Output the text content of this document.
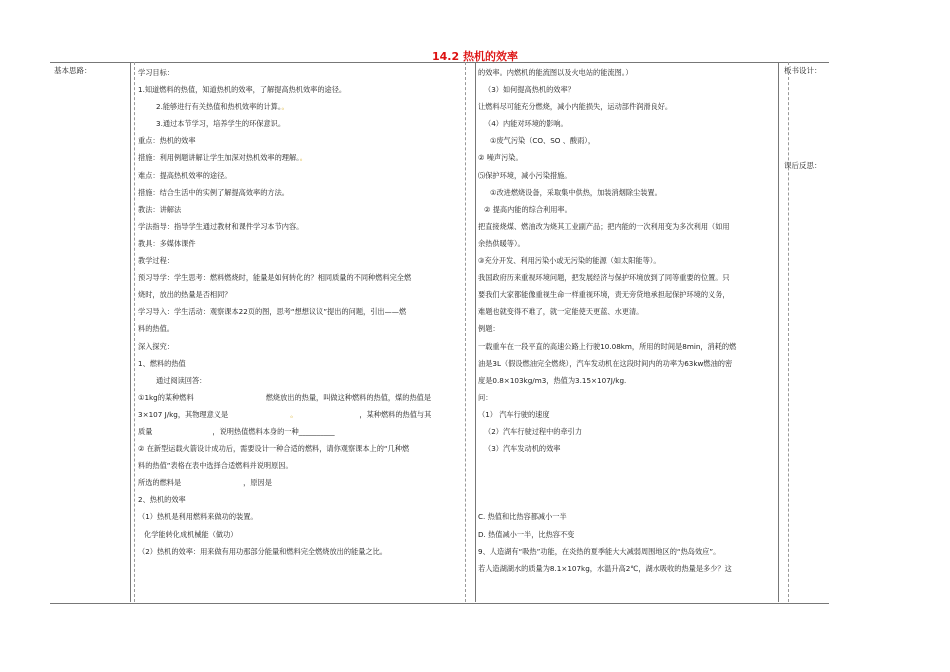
14.2 热机的效率
基本思路：	板书设计：
课后反思：
学习目标：
1.知道燃料的热值，知道热机的效率，了解提高热机效率的途径。
2.能够进行有关热值和热机效率的计算。。
3.通过本节学习，培养学生的环保意识。
重点：热机的效率
措施：利用例题讲解让学生加深对热机效率的理解。。
难点：提高热机效率的途径。
措施：结合生活中的实例了解提高效率的方法。
教法：讲解法
学法指导：指导学生通过教材和课件学习本节内容。
教具：多媒体课件
教学过程：
预习导学：学生思考：燃料燃烧时，能量是如何转化的？相同质量的不同种燃料完全燃
烧时，放出的热量是否相同？
学习导入：学生活动：观察课本22页的图，思考“想想议议”提出的问题，引出——燃
料的热值。
深入探究：
1、燃料的热值
通过阅读回答：
①1kg的某种燃料	燃烧放出的热量，叫做这种燃料的热值，煤的热值是
3×107 J/kg，其物理意义是	。	，某种燃料的热值与其
质量	，说明热值燃料本身的一种__________
② 在新型运载火箭设计成功后，需要设计一种合适的燃料，请你观察课本上的“几种燃
料的热值”表格在表中选择合适燃料并说明原因。
所选的燃料是	，原因是
2、热机的效率
（1）热机是利用燃料来做功的装置。
化学能转化成机械能（做功）
（2）热机的效率：用来做有用功那部分能量和燃料完全燃烧放出的能量之比。
的效率。内燃机的能流图以及火电站的能流图。）
（3）如何提高热机的效率？
让燃料尽可能充分燃烧，减小内能损失，运动部件润滑良好。
（4）内能对环境的影响。
①废气污染（CO、SO 、酸雨），
② 噪声污染。
⑸保护环境，减小污染措施。
①改进燃烧设备，采取集中供热，加装消烟除尘装置。
② 提高内能的综合利用率。
把直接烧煤、燃油改为烧其工业副产品；把内能的一次利用变为多次利用（如用
余热供暖等）。
③充分开发、利用污染小或无污染的能源（如太阳能等）。
我国政府历来重视环境问题，把发展经济与保护环境放到了同等重要的位置。只
要我们大家都能像重视生命一样重视环境，责无旁贷地承担起保护环境的义务，
难题也就变得不难了，就一定能使天更蓝、水更清。
例题：
一载重车在一段平直的高速公路上行驶10.08km，所用的时间是8min，消耗的燃
油是3L（假设燃油完全燃烧），汽车发动机在这段时间内的功率为63kw燃油的密
度是0.8×103kg/m3，热值为3.15×107J/kg.
问：
（1） 汽车行驶的速度
（2）汽车行驶过程中的牵引力
（3）汽车发动机的效率
C. 热值和比热容都减小一半
D. 热值减小一半，比热容不变
9、人造湖有“吸热”功能，在炎热的夏季能大大减弱周围地区的“热岛效应”。
若人造湖湖水的质量为8.1×107kg，水温升高2℃，湖水吸收的热量是多少？这
